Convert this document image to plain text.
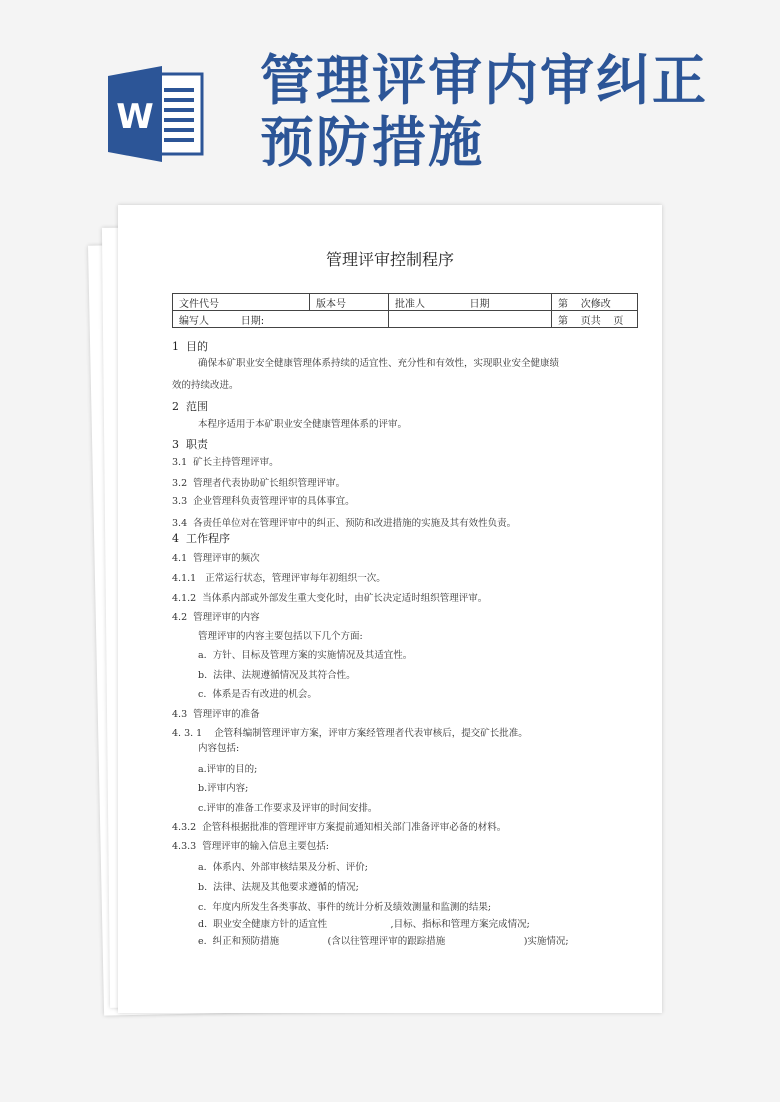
W
管理评审内审纠正
预防措施
管理评审控制程序
文件代号	版本号	批准人              日期	第    次修改
编写人          日期:			第    页共    页
1  目的
确保本矿职业安全健康管理体系持续的适宜性、充分性和有效性，实现职业安全健康绩
效的持续改进。
2  范围
本程序适用于本矿职业安全健康管理体系的评审。
3  职责
3.1  矿长主持管理评审。
3.2  管理者代表协助矿长组织管理评审。
3.3  企业管理科负责管理评审的具体事宜。
3.4  各责任单位对在管理评审中的纠正、预防和改进措施的实施及其有效性负责。
4  工作程序
4.1  管理评审的频次
4.1.1   正常运行状态，管理评审每年初组织一次。
4.1.2  当体系内部或外部发生重大变化时，由矿长决定适时组织管理评审。
4.2  管理评审的内容
管理评审的内容主要包括以下几个方面:
a.  方针、目标及管理方案的实施情况及其适宜性。
b.  法律、法规遵循情况及其符合性。
c.  体系是否有改进的机会。
4.3  管理评审的准备
4. 3. 1    企管科编制管理评审方案，评审方案经管理者代表审核后，提交矿长批准。
内容包括:
a.评审的目的;
b.评审内容;
c.评审的准备工作要求及评审的时间安排。
4.3.2  企管科根据批准的管理评审方案提前通知相关部门准备评审必备的材料。
4.3.3  管理评审的输入信息主要包括:
a.  体系内、外部审核结果及分析、评价;
b.  法律、法规及其他要求遵循的情况;
c.  年度内所发生各类事故、事件的统计分析及绩效测量和监测的结果;
d.  职业安全健康方针的适宜性                     ,目标、指标和管理方案完成情况;
e.  纠正和预防措施                (含以往管理评审的跟踪措施                          )实施情况;
